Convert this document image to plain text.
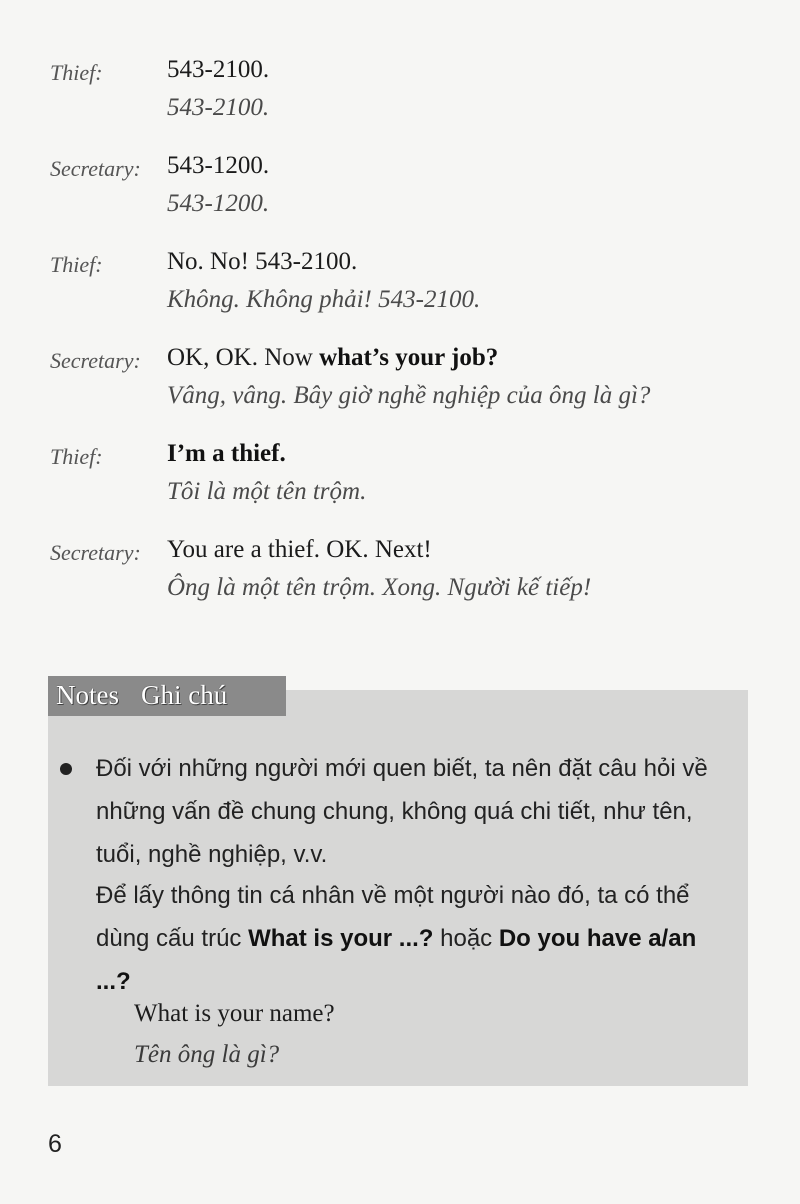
Thief:	543-2100.
543-2100.
Secretary: 543-1200.
543-1200.
Thief:	No. No! 543-2100.
Không. Không phải! 543-2100.
Secretary: OK, OK. Now what’s your job?
Vâng, vâng. Bây giờ nghề nghiệp của ông là gì?
Thief:	I’m a thief.
Tôi là một tên trộm.
Secretary: You are a thief. OK. Next!
Ông là một tên trộm. Xong. Người kế tiếp!
Notes Ghi chú
Đối với những người mới quen biết, ta nên đặt câu hỏi về những vấn đề chung chung, không quá chi tiết, như tên, tuổi, nghề nghiệp, v.v.
Để lấy thông tin cá nhân về một người nào đó, ta có thể dùng cấu trúc What is your ...? hoặc Do you have a/an ...?
What is your name?
Tên ông là gì?
6
